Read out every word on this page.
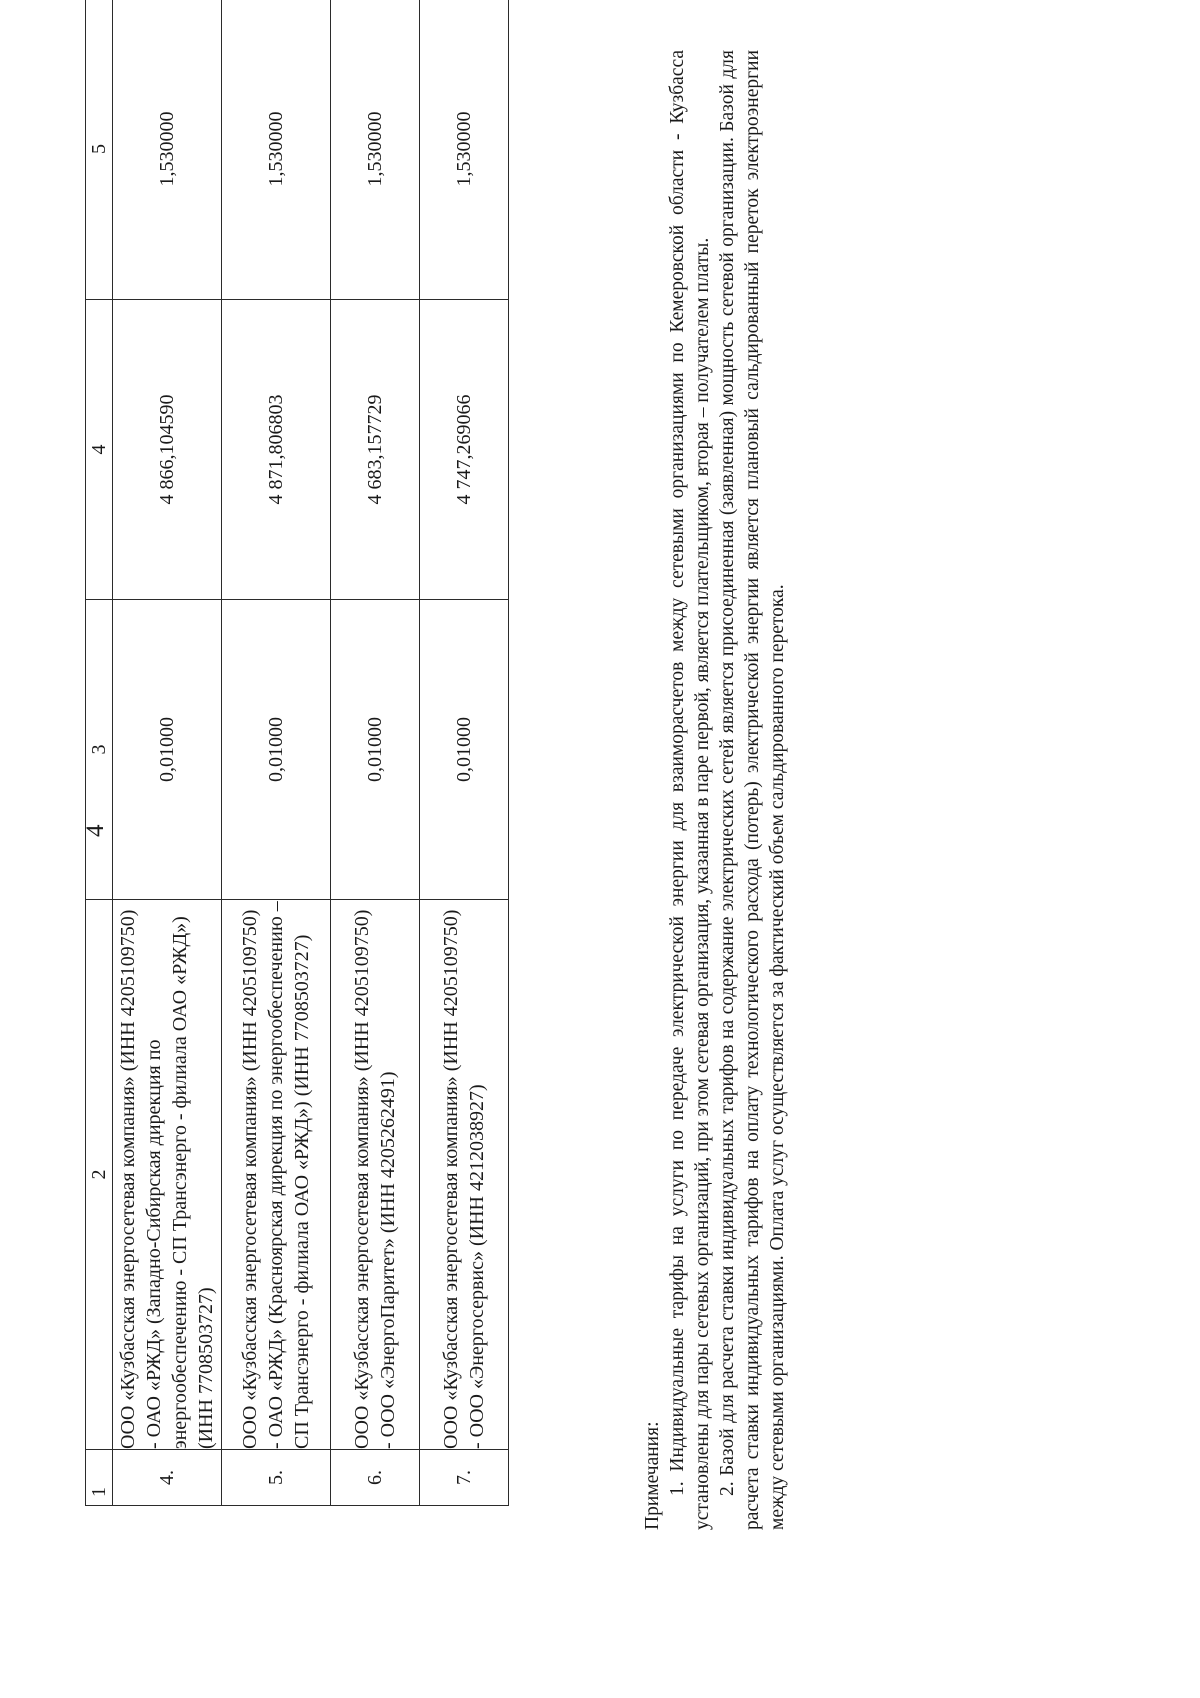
4
1	2	3	4	5
4.	ООО «Кузбасская энергосетевая компания» (ИНН 4205109750) - ОАО «РЖД» (Западно-Сибирская дирекция по энергообеспечению - СП Трансэнерго - филиала ОАО «РЖД») (ИНН 7708503727)	0,01000	4 866,104590	1,530000
5.	ООО «Кузбасская энергосетевая компания» (ИНН 4205109750) - ОАО «РЖД» (Красноярская дирекция по энергообеспечению – СП Трансэнерго - филиала ОАО «РЖД») (ИНН 7708503727)	0,01000	4 871,806803	1,530000
6.	ООО «Кузбасская энергосетевая компания» (ИНН 4205109750) - ООО «ЭнергоПаритет» (ИНН 4205262491)	0,01000	4 683,157729	1,530000
7.	ООО «Кузбасская энергосетевая компания» (ИНН 4205109750) - ООО «Энергосервис» (ИНН 4212038927)	0,01000	4 747,269066	1,530000

Примечания: 1. Индивидуальные тарифы на услуги по передаче электрической энергии для взаиморасчетов между сетевыми организациями по Кемеровской области - Кузбасса установлены для пары сетевых организаций, при этом сетевая организация, указанная в паре первой, является плательщиком, вторая – получателем платы. 2. Базой для расчета ставки индивидуальных тарифов на содержание электрических сетей является присоединенная (заявленная) мощность сетевой организации. Базой для расчета ставки индивидуальных тарифов на оплату технологического расхода (потерь) электрической энергии является плановый сальдированный переток электроэнергии между сетевыми организациями. Оплата услуг осуществляется за фактический объем сальдированного перетока.
